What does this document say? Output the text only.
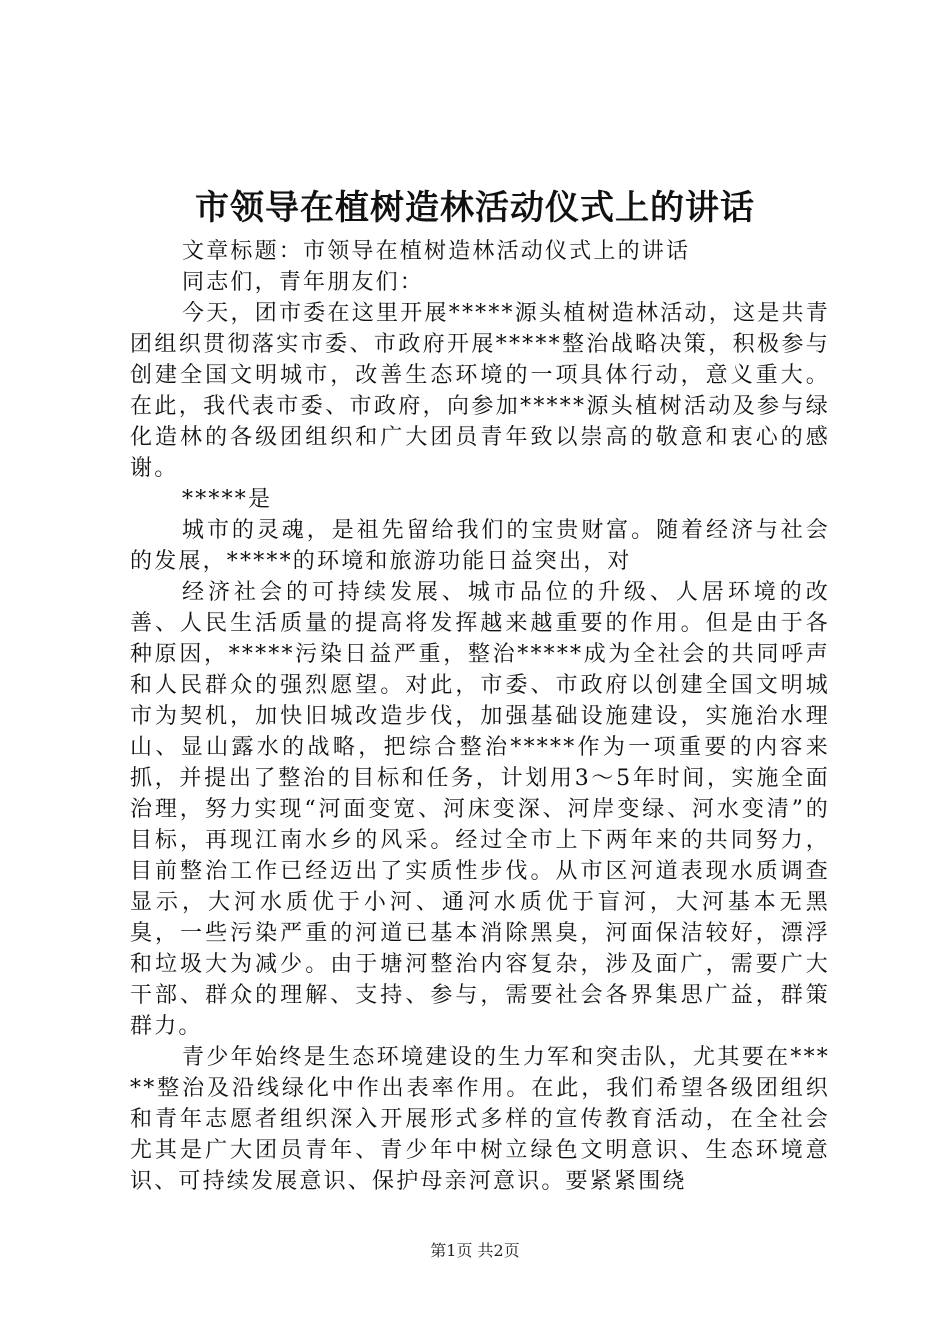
市领导在植树造林活动仪式上的讲话

文章标题：市领导在植树造林活动仪式上的讲话

同志们，青年朋友们：

今天，团市委在这里开展*****源头植树造林活动，这是共青团组织贯彻落实市委、市政府开展*****整治战略决策，积极参与创建全国文明城市，改善生态环境的一项具体行动，意义重大。在此，我代表市委、市政府，向参加*****源头植树活动及参与绿化造林的各级团组织和广大团员青年致以崇高的敬意和衷心的感谢。

*****是

城市的灵魂，是祖先留给我们的宝贵财富。随着经济与社会的发展，*****的环境和旅游功能日益突出，对

经济社会的可持续发展、城市品位的升级、人居环境的改善、人民生活质量的提高将发挥越来越重要的作用。但是由于各种原因，*****污染日益严重，整治*****成为全社会的共同呼声和人民群众的强烈愿望。对此，市委、市政府以创建全国文明城市为契机，加快旧城改造步伐，加强基础设施建设，实施治水理山、显山露水的战略，把综合整治*****作为一项重要的内容来抓，并提出了整治的目标和任务，计划用3～5年时间，实施全面治理，努力实现“河面变宽、河床变深、河岸变绿、河水变清”的目标，再现江南水乡的风采。经过全市上下两年来的共同努力，目前整治工作已经迈出了实质性步伐。从市区河道表现水质调查显示，大河水质优于小河、通河水质优于盲河，大河基本无黑臭，一些污染严重的河道已基本消除黑臭，河面保洁较好，漂浮和垃圾大为减少。由于塘河整治内容复杂，涉及面广，需要广大干部、群众的理解、支持、参与，需要社会各界集思广益，群策群力。

青少年始终是生态环境建设的生力军和突击队，尤其要在*****整治及沿线绿化中作出表率作用。在此，我们希望各级团组织和青年志愿者组织深入开展形式多样的宣传教育活动，在全社会尤其是广大团员青年、青少年中树立绿色文明意识、生态环境意识、可持续发展意识、保护母亲河意识。要紧紧围绕

第1页 共2页
